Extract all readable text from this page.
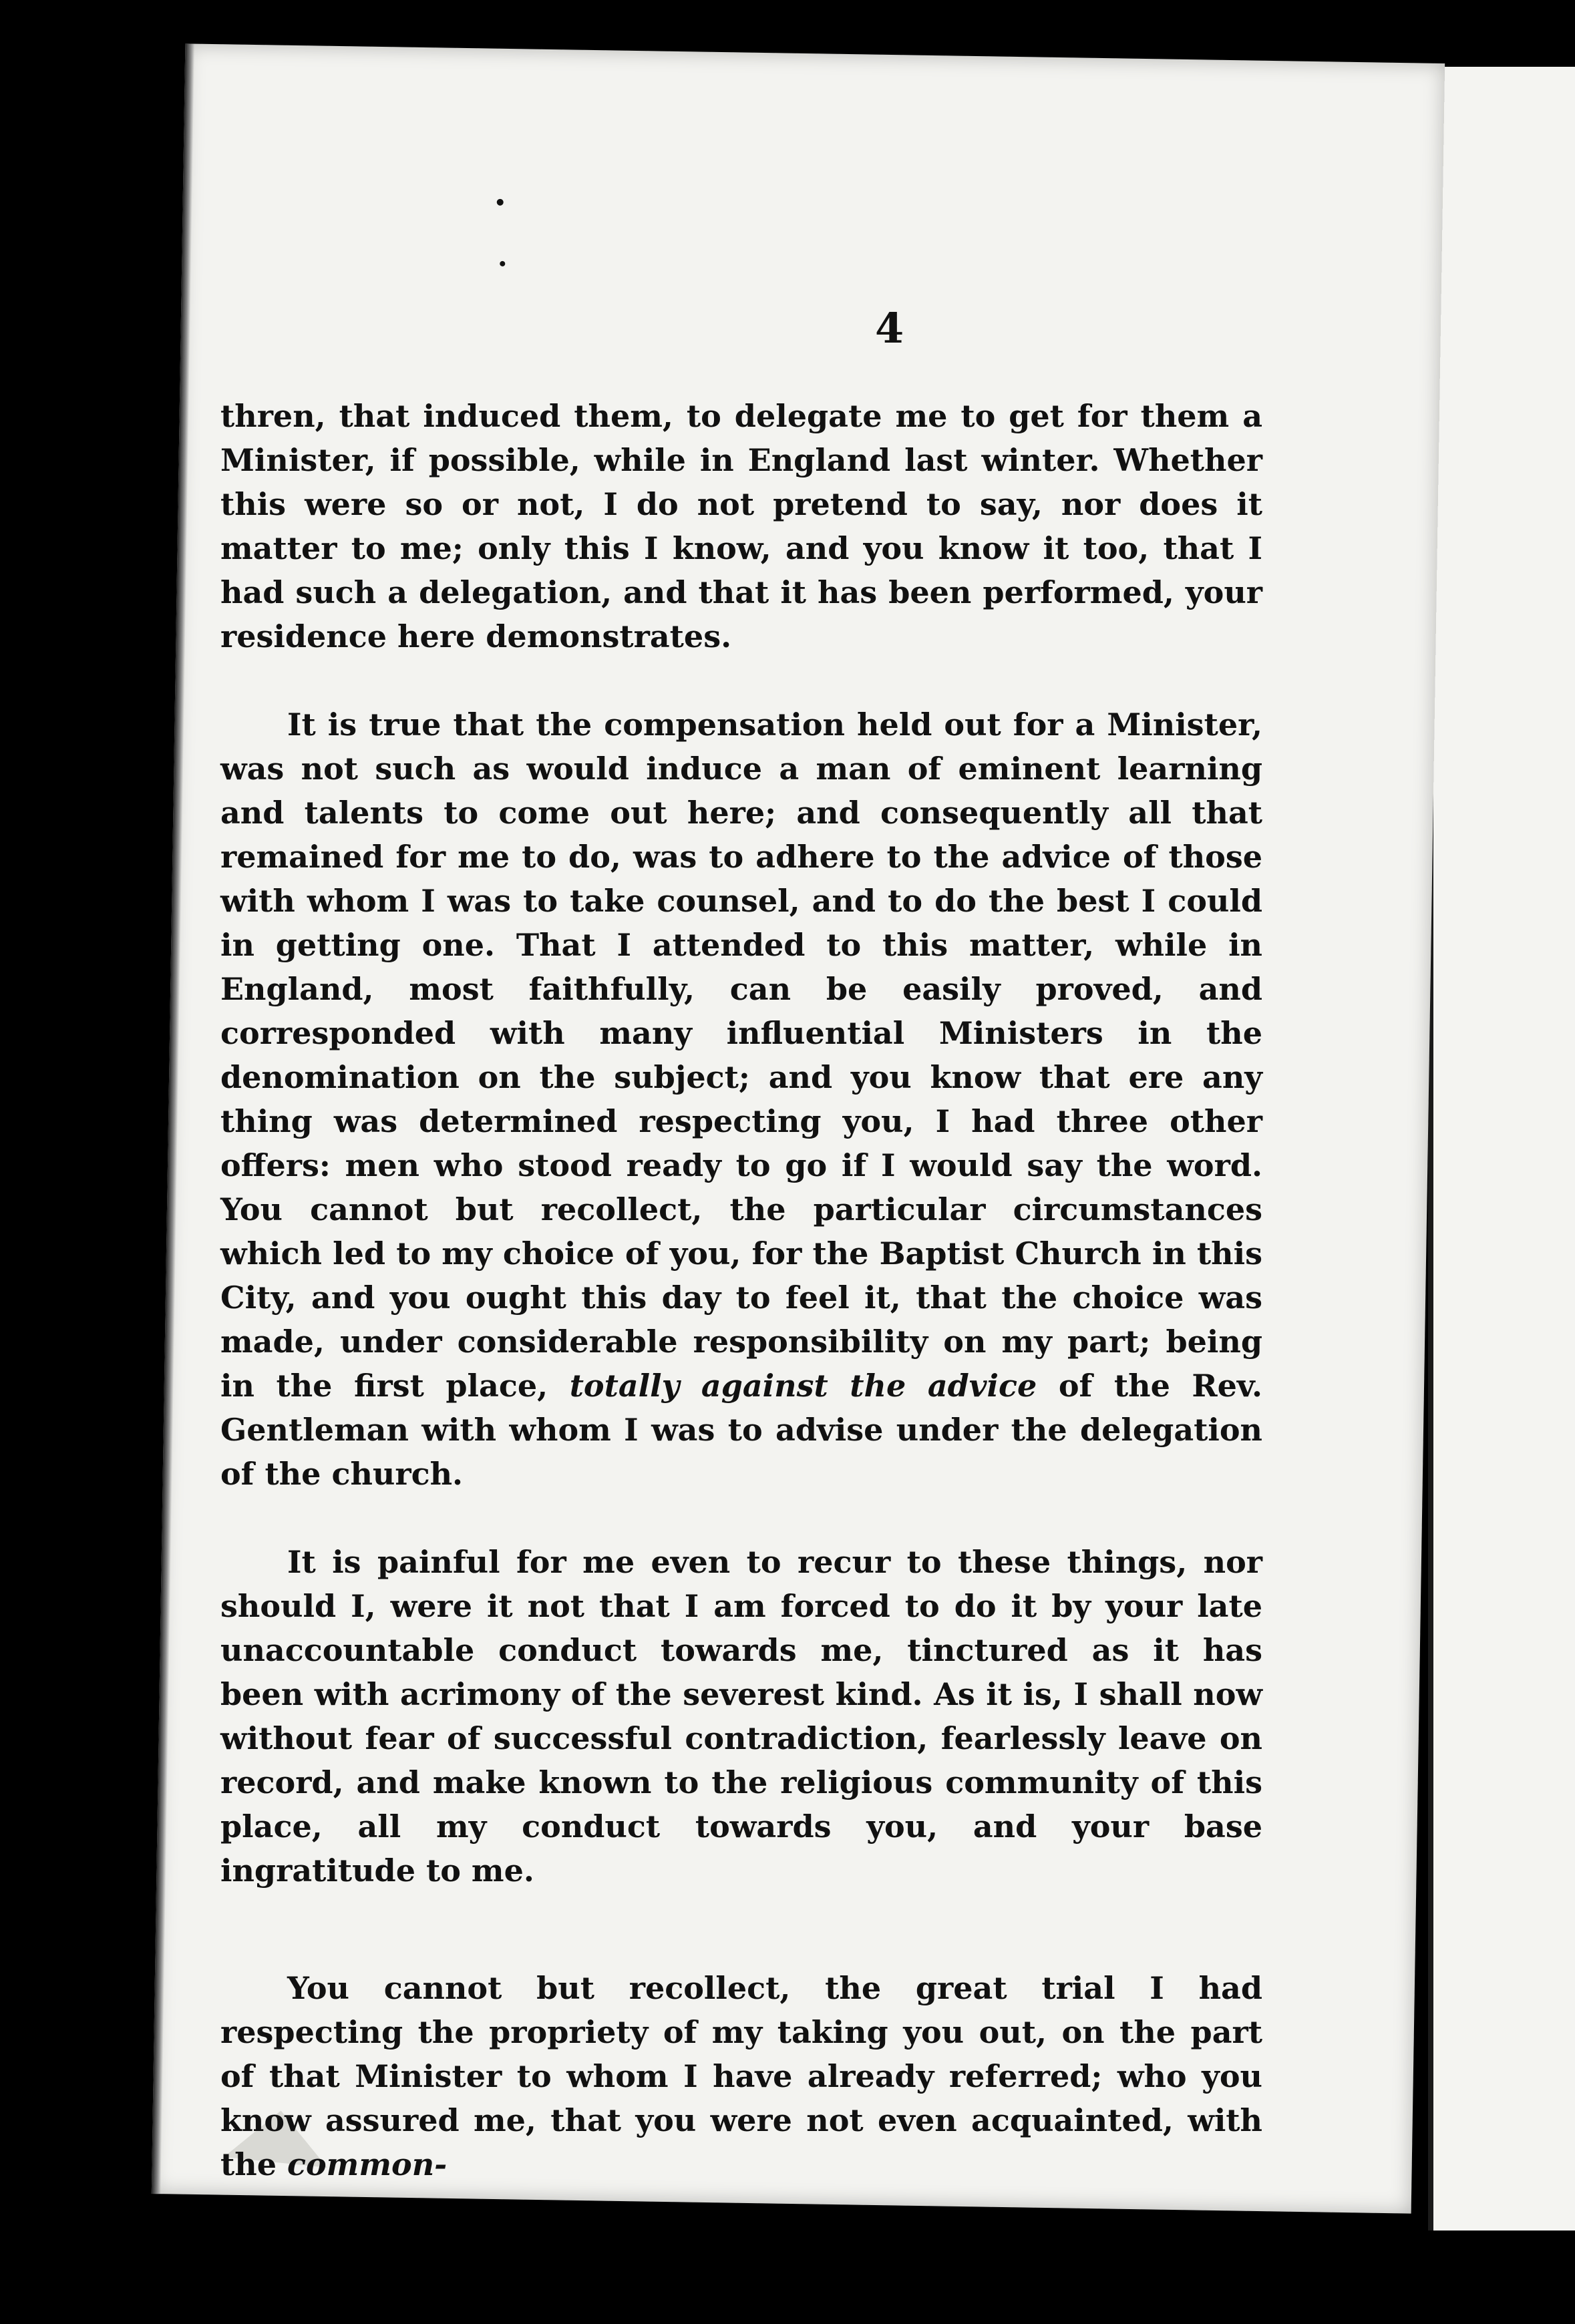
4

thren, that induced them, to delegate me to get for them a Minister, if possible, while in England last winter. Whether this were so or not, I do not pretend to say, nor does it matter to me; only this I know, and you know it too, that I had such a delegation, and that it has been performed, your residence here demonstrates.

It is true that the compensation held out for a Minister, was not such as would induce a man of eminent learning and talents to come out here; and consequently all that remained for me to do, was to adhere to the advice of those with whom I was to take counsel, and to do the best I could in getting one. That I attended to this matter, while in England, most faithfully, can be easily proved, and corresponded with many influential Ministers in the denomination on the subject; and you know that ere any thing was determined respecting you, I had three other offers: men who stood ready to go if I would say the word. You cannot but recollect, the particular circumstances which led to my choice of you, for the Baptist Church in this City, and you ought this day to feel it, that the choice was made, under considerable responsibility on my part; being in the first place, totally against the advice of the Rev. Gentleman with whom I was to advise under the delegation of the church.

It is painful for me even to recur to these things, nor should I, were it not that I am forced to do it by your late unaccountable conduct towards me, tinctured as it has been with acrimony of the severest kind. As it is, I shall now without fear of successful contradiction, fearlessly leave on record, and make known to the religious community of this place, all my conduct towards you, and your base ingratitude to me.

You cannot but recollect, the great trial I had respecting the propriety of my taking you out, on the part of that Minister to whom I have already referred; who you know assured me, that you were not even acquainted, with the common-
